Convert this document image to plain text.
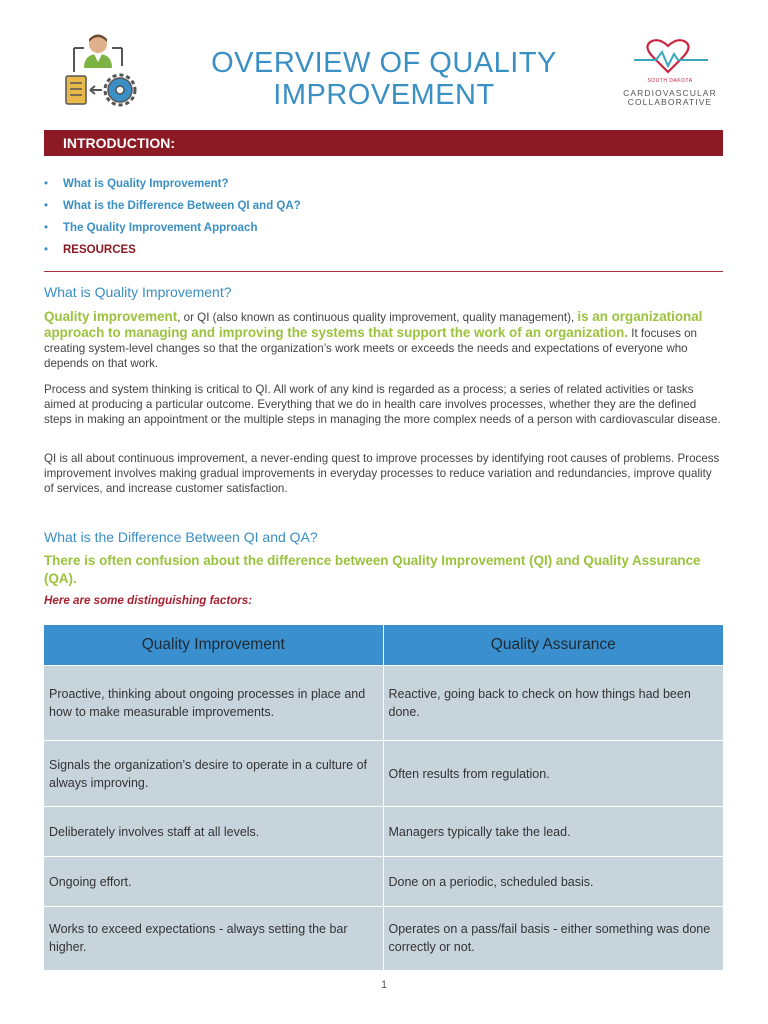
OVERVIEW OF QUALITY
IMPROVEMENT	SOUTH DAKOTA
CARDIOVASCULAR
COLLABORATIVE
INTRODUCTION:
• What is Quality Improvement?
• What is the Difference Between QI and QA?
• The Quality Improvement Approach
• RESOURCES
What is Quality Improvement?

Quality improvement, or QI (also known as continuous quality improvement, quality management), is an organizational approach to managing and improving the systems that support the work of an organization. It focuses on creating system-level changes so that the organization’s work meets or exceeds the needs and expectations of everyone who depends on that work.

Process and system thinking is critical to QI. All work of any kind is regarded as a process; a series of related activities or tasks aimed at producing a particular outcome. Everything that we do in health care involves processes, whether they are the defined steps in making an appointment or the multiple steps in managing the more complex needs of a person with cardiovascular disease.

QI is all about continuous improvement, a never-ending quest to improve processes by identifying root causes of problems. Process improvement involves making gradual improvements in everyday processes to reduce variation and redundancies, improve quality of services, and increase customer satisfaction.

What is the Difference Between QI and QA?

There is often confusion about the difference between Quality Improvement (QI) and Quality Assurance (QA).

Here are some distinguishing factors:
Quality Improvement	Quality Assurance
Proactive, thinking about ongoing processes in place and how to make measurable improvements.	Reactive, going back to check on how things had been done.
Signals the organization’s desire to operate in a culture of always improving.	Often results from regulation.
Deliberately involves staff at all levels.	Managers typically take the lead.
Ongoing effort.	Done on a periodic, scheduled basis.
Works to exceed expectations - always setting the bar higher.	Operates on a pass/fail basis - either something was done correctly or not.
1
